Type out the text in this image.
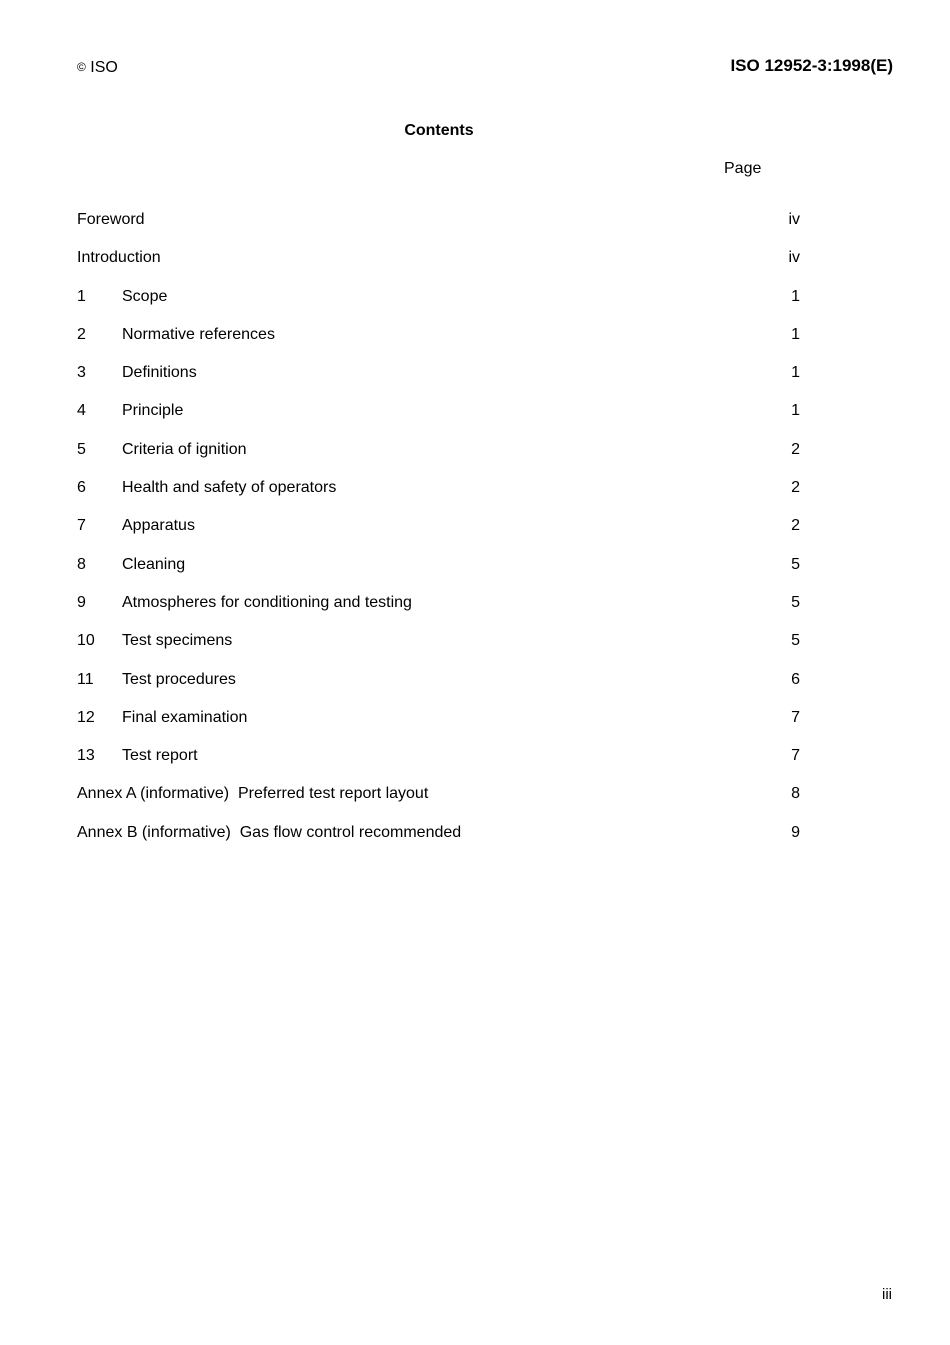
© ISO	ISO 12952-3:1998(E)
Contents
Page
Foreword	iv
Introduction	iv
1 Scope	1
2 Normative references	1
3 Definitions	1
4 Principle	1
5 Criteria of ignition	2
6 Health and safety of operators	2
7 Apparatus	2
8 Cleaning	5
9 Atmospheres for conditioning and testing	5
10 Test specimens	5
11 Test procedures	6
12 Final examination	7
13 Test report	7
Annex A (informative)  Preferred test report layout	8
Annex B (informative)  Gas flow control recommended	9
iii
